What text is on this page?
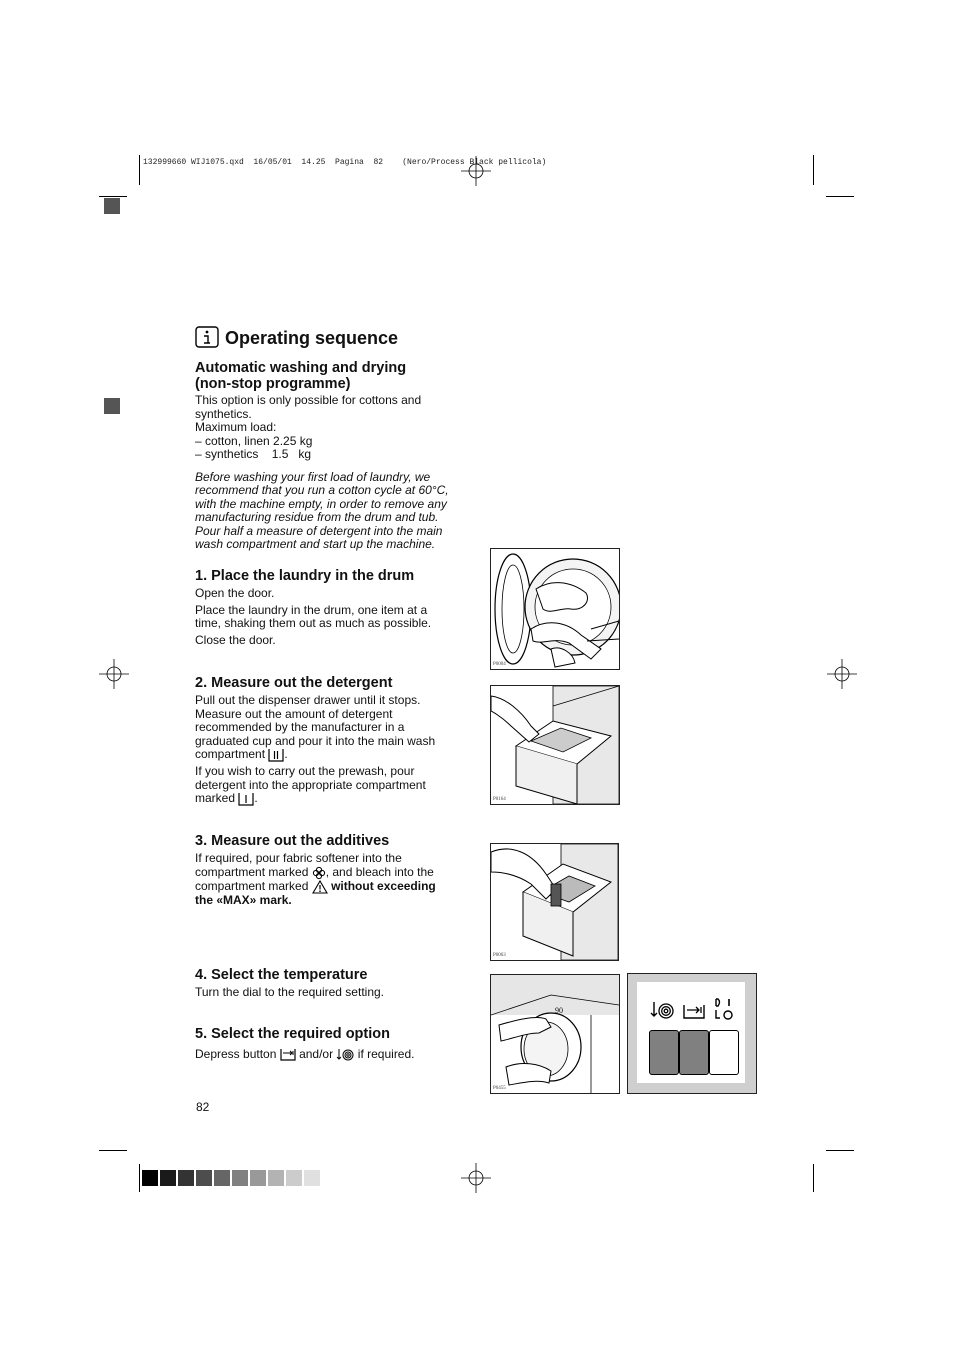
132999660 WIJ1075.qxd  16/05/01  14.25  Pagina  82    (Nero/Process Black pellicola)
Operating sequence
Automatic washing and drying
(non-stop programme)

This option is only possible for cottons and
synthetics.
Maximum load:
– cotton, linen 2.25 kg
– synthetics    1.5   kg

Before washing your first load of laundry, we
recommend that you run a cotton cycle at 60°C,
with the machine empty, in order to remove any
manufacturing residue from the drum and tub.
Pour half a measure of detergent into the main
wash compartment and start up the machine.

1. Place the laundry in the drum

Open the door.

Place the laundry in the drum, one item at a
time, shaking them out as much as possible.

Close the door.

2. Measure out the detergent

Pull out the dispenser drawer until it stops.
Measure out the amount of detergent
recommended by the manufacturer in a
graduated cup and pour it into the main wash
compartment .

If you wish to carry out the prewash, pour
detergent into the appropriate compartment
marked .

3. Measure out the additives

If required, pour fabric softener into the
compartment marked , and bleach into the
compartment marked without exceeding
the «MAX» mark.

4. Select the temperature

Turn the dial to the required setting.

5. Select the required option

Depress button and/or if required.

P0004
P0164
P0063
90
P0455
82
